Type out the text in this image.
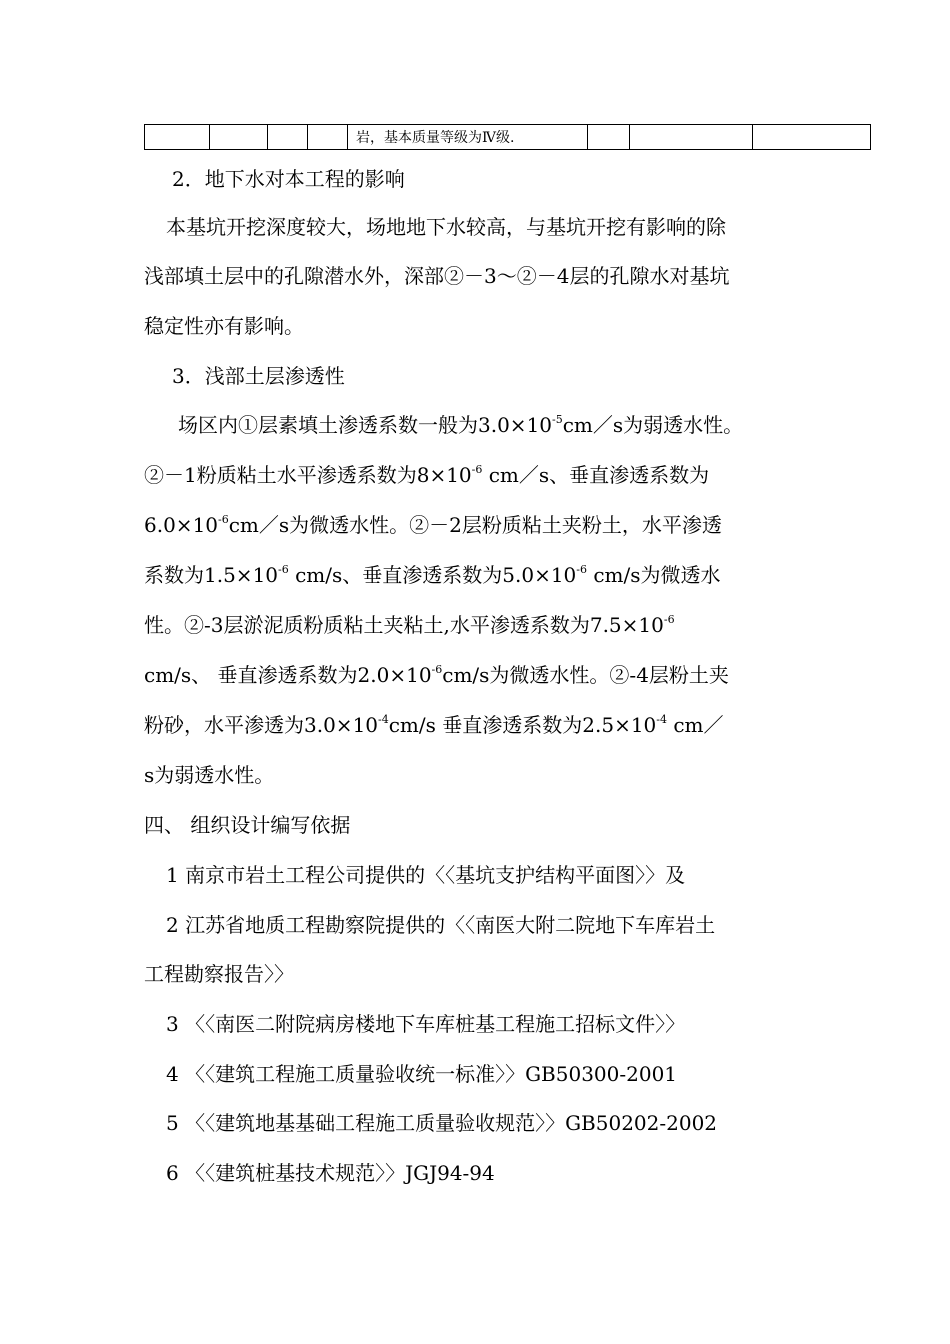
				岩，基本质量等级为Ⅳ级.			
2．地下水对本工程的影响
本基坑开挖深度较大，场地地下水较高，与基坑开挖有影响的除
浅部填土层中的孔隙潜水外，深部②－3～②－4层的孔隙水对基坑
稳定性亦有影响。
3．浅部土层渗透性
场区内①层素填土渗透系数一般为$3.0\times 10^{-5}cm/s$为弱透水性。
②－1粉质粘土水平渗透系数为$8\times 10^{-6}$ cm／s、垂直渗透系数为
$6.0\times 10^{-6}cm/s$为微透水性。②－2层粉质粘土夹粉土，水平渗透
系数为$1.5\times 10^{-6}$ cm/s、垂直渗透系数为$5.0\times 10^{-6}$ cm/s为微透水
性。②-3层淤泥质粉质粘土夹粘土,水平渗透系数为$7.5\times 10^{-6}$
cm/s、 垂直渗透系数为$2.0\times 10^{-6}cm/s$为微透水性。②-4层粉土夹
粉砂，水平渗透为$3.0\times 10^{-4}cm/s$ 垂直渗透系数为$2.5\times 10^{-4}$ cm／
s为弱透水性。
四、 组织设计编写依据
1 南京市岩土工程公司提供的〈〈基坑支护结构平面图〉〉及
2 江苏省地质工程勘察院提供的〈〈南医大附二院地下车库岩土
工程勘察报告〉〉
3 〈〈南医二附院病房楼地下车库桩基工程施工招标文件〉〉
4 〈〈建筑工程施工质量验收统一标准〉〉GB50300-2001
5 〈〈建筑地基基础工程施工质量验收规范〉〉GB50202-2002
6 〈〈建筑桩基技术规范〉〉JGJ94-94
